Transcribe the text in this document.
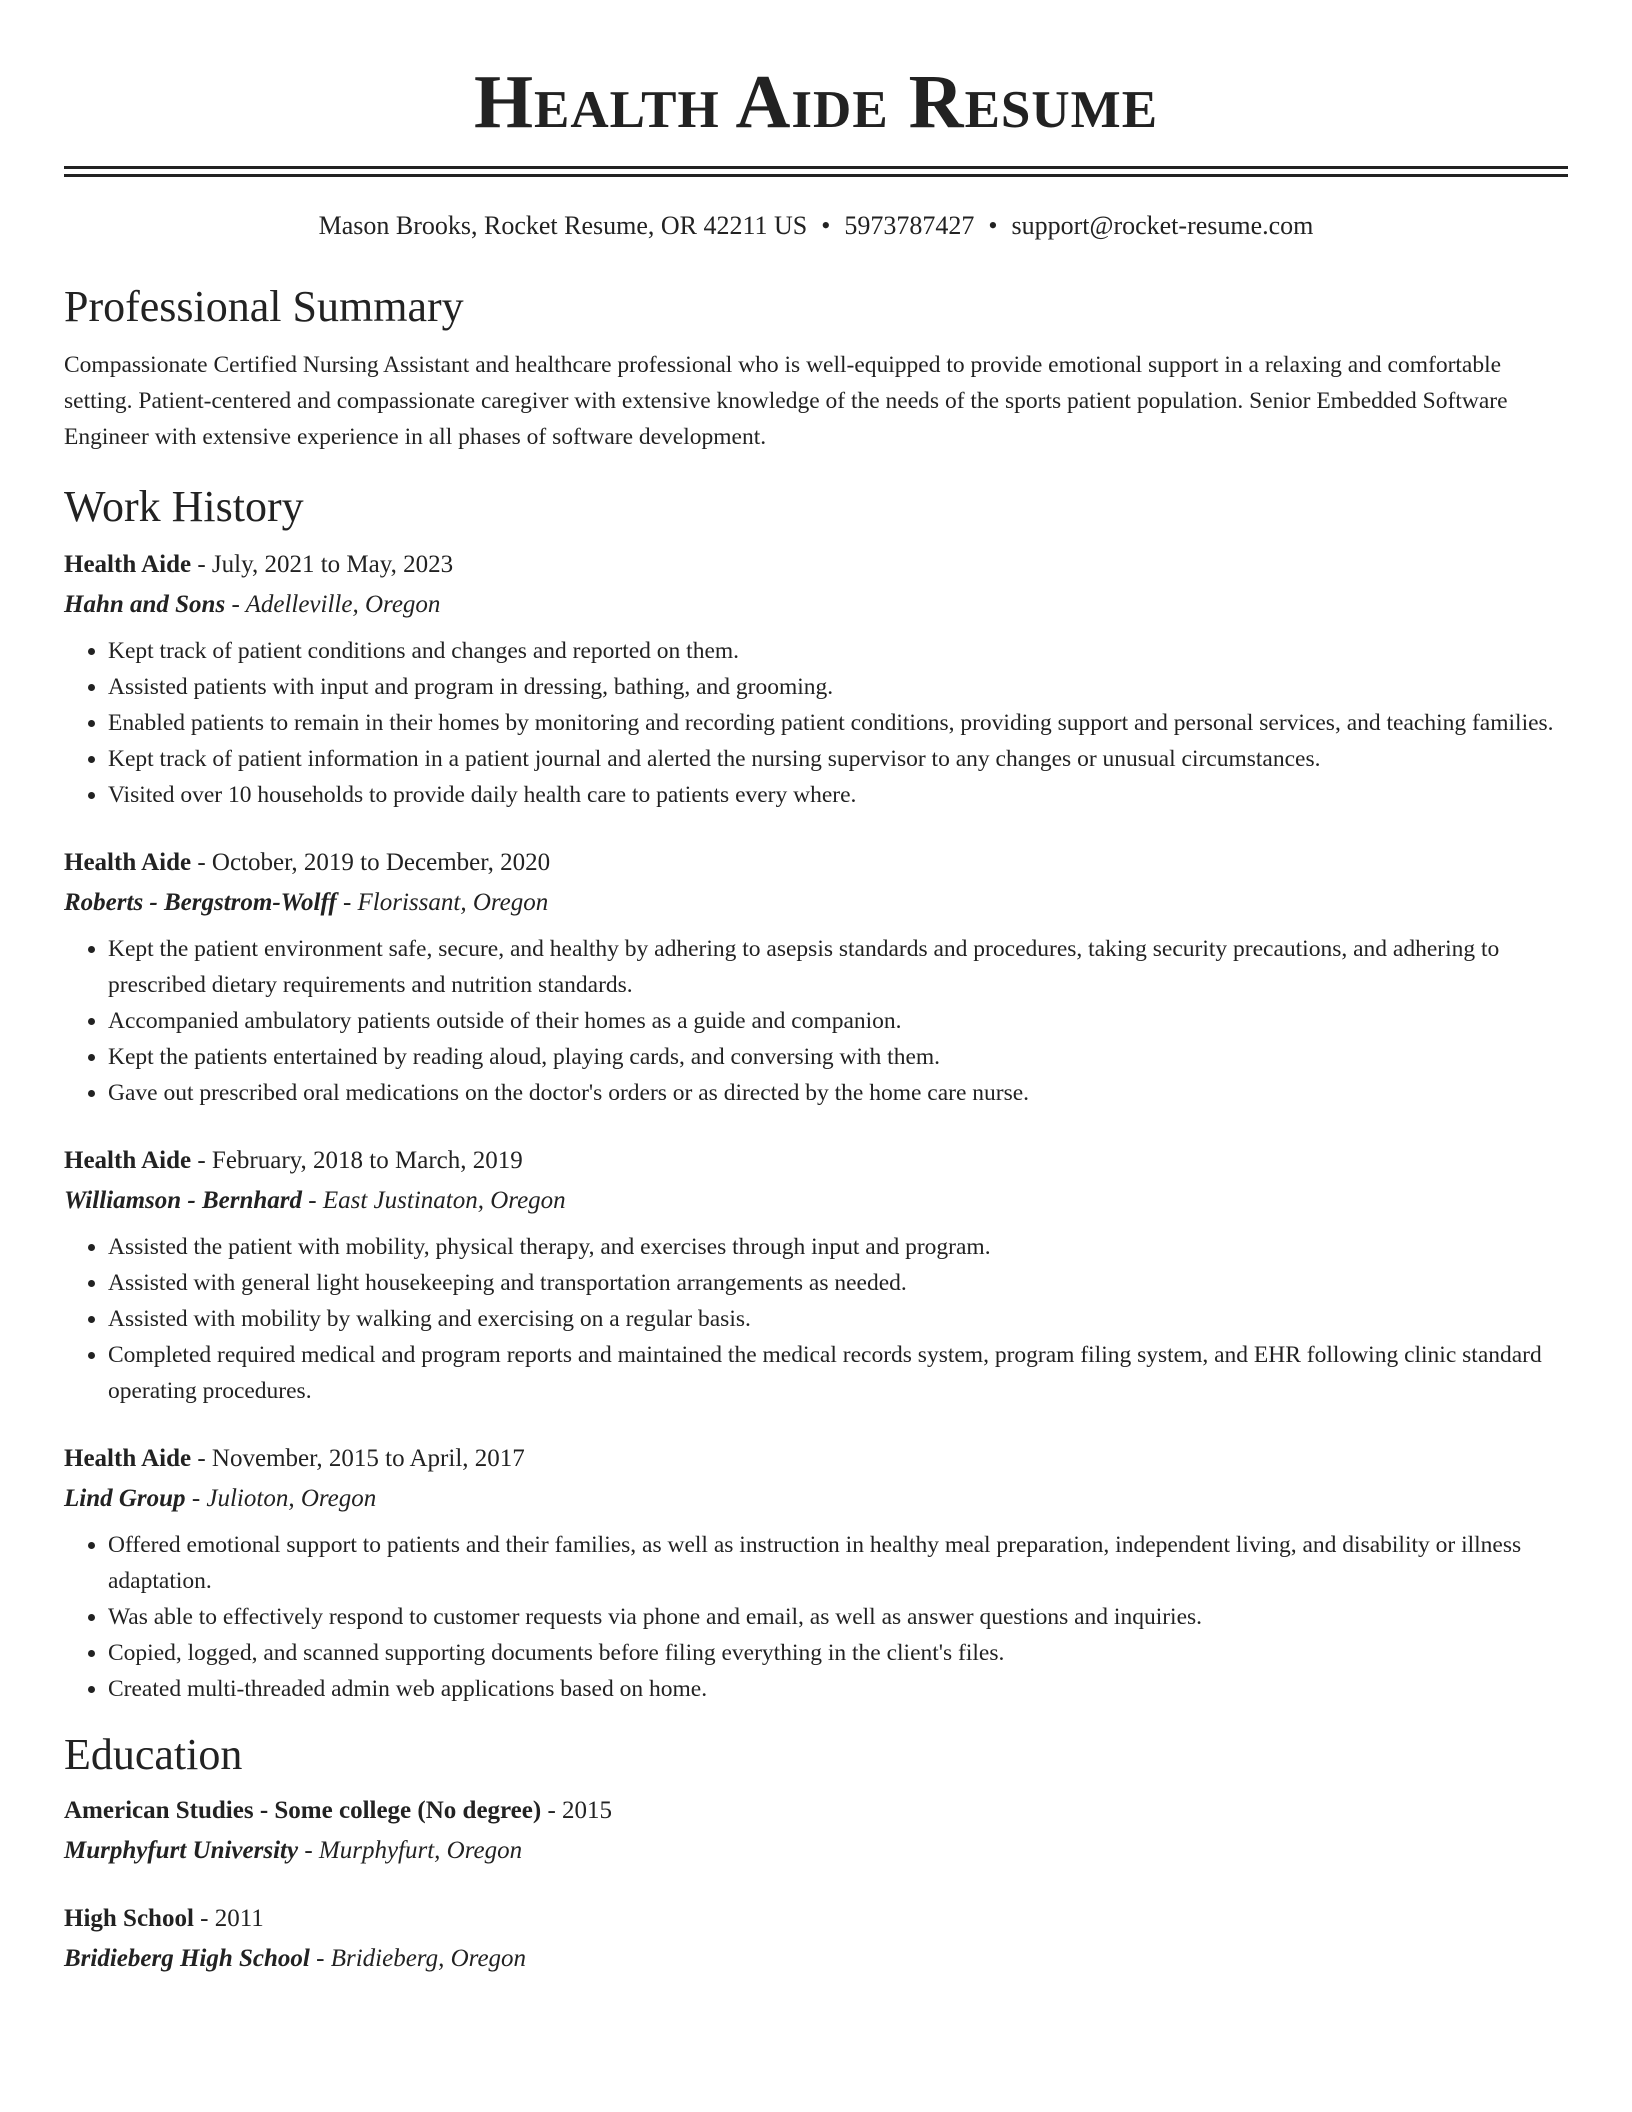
Health Aide Resume
Mason Brooks, Rocket Resume, OR 42211 US • 5973787427 • support@rocket-resume.com
Professional Summary

Compassionate Certified Nursing Assistant and healthcare professional who is well-equipped to provide emotional support in a relaxing and comfortable setting. Patient-centered and compassionate caregiver with extensive knowledge of the needs of the sports patient population. Senior Embedded Software Engineer with extensive experience in all phases of software development.

Work History
Health Aide - July, 2021 to May, 2023
Hahn and Sons - Adelleville, Oregon
• Kept track of patient conditions and changes and reported on them.
• Assisted patients with input and program in dressing, bathing, and grooming.
• Enabled patients to remain in their homes by monitoring and recording patient conditions, providing support and personal services, and teaching families.
• Kept track of patient information in a patient journal and alerted the nursing supervisor to any changes or unusual circumstances.
• Visited over 10 households to provide daily health care to patients every where.
Health Aide - October, 2019 to December, 2020
Roberts - Bergstrom-Wolff - Florissant, Oregon
• Kept the patient environment safe, secure, and healthy by adhering to asepsis standards and procedures, taking security precautions, and adhering to prescribed dietary requirements and nutrition standards.
• Accompanied ambulatory patients outside of their homes as a guide and companion.
• Kept the patients entertained by reading aloud, playing cards, and conversing with them.
• Gave out prescribed oral medications on the doctor's orders or as directed by the home care nurse.
Health Aide - February, 2018 to March, 2019
Williamson - Bernhard - East Justinaton, Oregon
• Assisted the patient with mobility, physical therapy, and exercises through input and program.
• Assisted with general light housekeeping and transportation arrangements as needed.
• Assisted with mobility by walking and exercising on a regular basis.
• Completed required medical and program reports and maintained the medical records system, program filing system, and EHR following clinic standard operating procedures.
Health Aide - November, 2015 to April, 2017
Lind Group - Julioton, Oregon
• Offered emotional support to patients and their families, as well as instruction in healthy meal preparation, independent living, and disability or illness adaptation.
• Was able to effectively respond to customer requests via phone and email, as well as answer questions and inquiries.
• Copied, logged, and scanned supporting documents before filing everything in the client's files.
• Created multi-threaded admin web applications based on home.
Education
American Studies - Some college (No degree) - 2015
Murphyfurt University - Murphyfurt, Oregon
High School - 2011
Bridieberg High School - Bridieberg, Oregon
